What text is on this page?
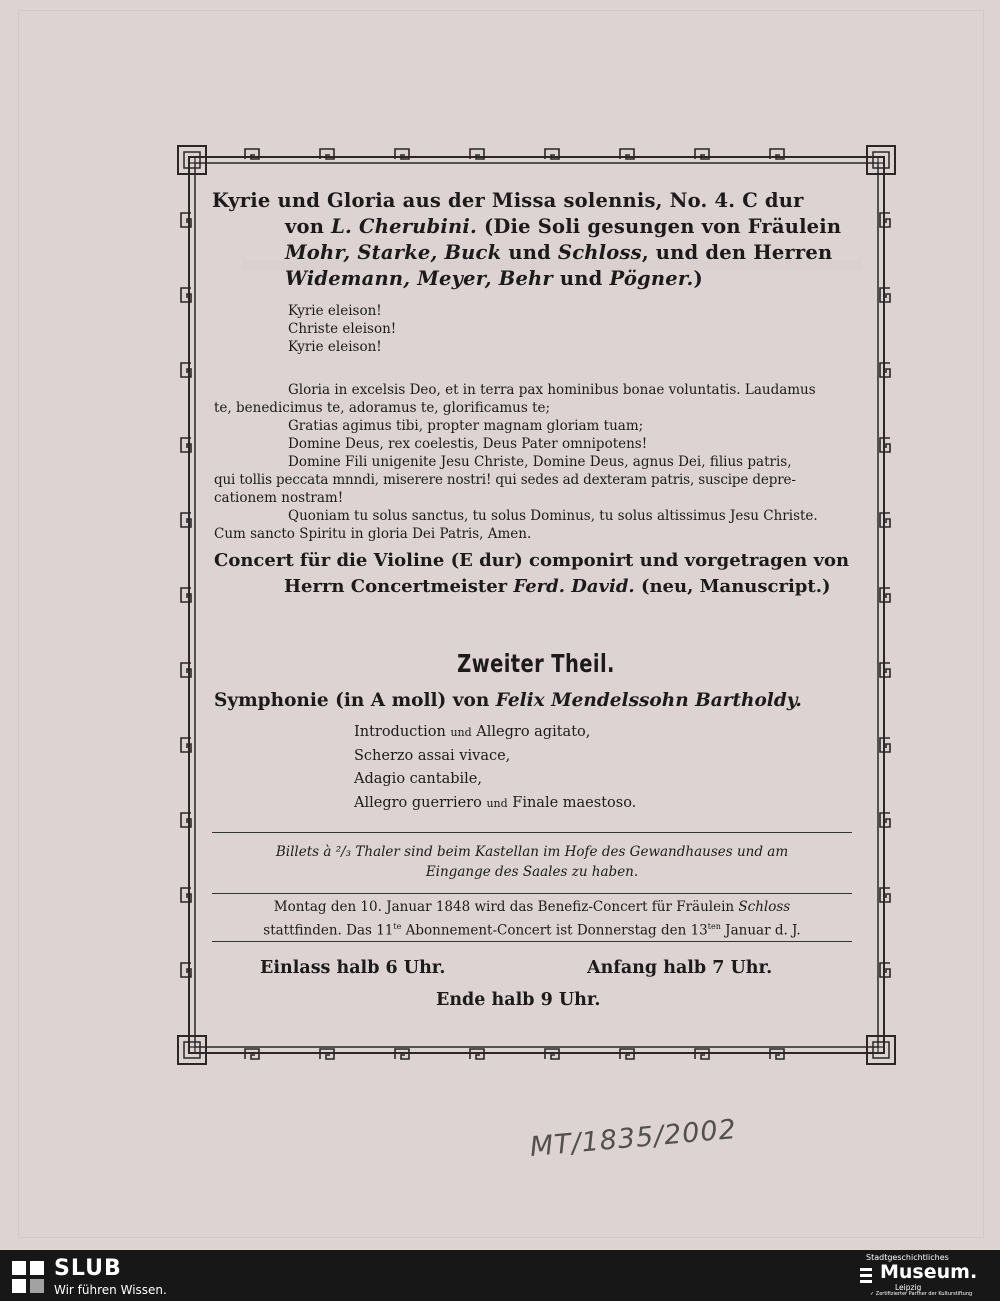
Kyrie und Gloria aus der Missa solennis, No. 4. C dur
von L. Cherubini. (Die Soli gesungen von Fräulein
Mohr, Starke, Buck und Schloss, und den Herren
Widemann, Meyer, Behr und Pögner.)
Kyrie eleison!
Christe eleison!
Kyrie eleison!
Gloria in excelsis Deo, et in terra pax hominibus bonae voluntatis. Laudamus
te, benedicimus te, adoramus te, glorificamus te;
Gratias agimus tibi, propter magnam gloriam tuam;
Domine Deus, rex coelestis, Deus Pater omnipotens!
Domine Fili unigenite Jesu Christe, Domine Deus, agnus Dei, filius patris,
qui tollis peccata mnndi, miserere nostri! qui sedes ad dexteram patris, suscipe depre-
cationem nostram!
Quoniam tu solus sanctus, tu solus Dominus, tu solus altissimus Jesu Christe.
Cum sancto Spiritu in gloria Dei Patris, Amen.
Concert für die Violine (E dur) componirt und vorgetragen von
Herrn Concertmeister Ferd. David. (neu, Manuscript.)
Zweiter Theil.
Symphonie (in A moll) von Felix Mendelssohn Bartholdy.
Introduction und Allegro agitato,
Scherzo assai vivace,
Adagio cantabile,
Allegro guerriero und Finale maestoso.
Billets à ²/₃ Thaler sind beim Kastellan im Hofe des Gewandhauses und am
Eingange des Saales zu haben.
Montag den 10. Januar 1848 wird das Benefiz-Concert für Fräulein Schloss
stattfinden. Das $11^{te}$ Abonnement-Concert ist Donnerstag den $13^{ten}$ Januar d. J.
Einlass halb 6 Uhr.	Anfang halb 7 Uhr.
Ende halb 9 Uhr.
MT/1835/2002
SLUB
Wir führen Wissen.
Stadtgeschichtliches
Museum.
Leipzig
✓ Zertifizierter Partner der Kulturstiftung
